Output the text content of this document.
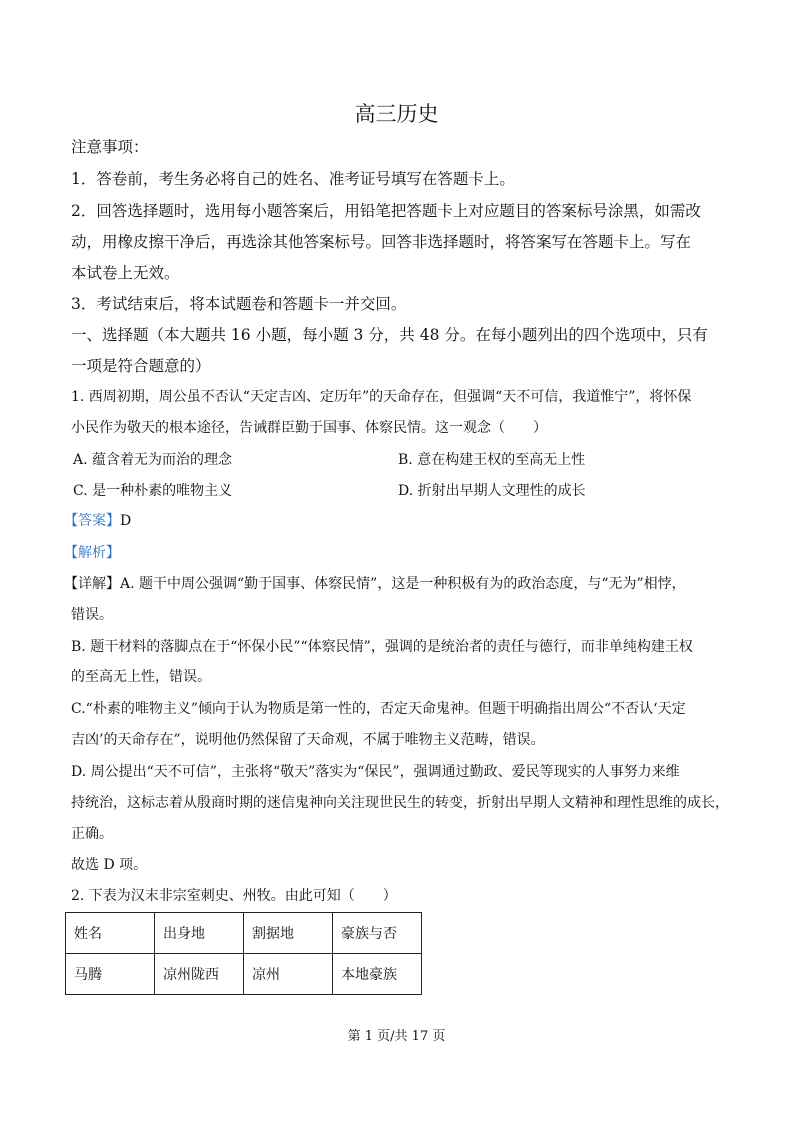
高三历史
注意事项：
1．答卷前，考生务必将自己的姓名、准考证号填写在答题卡上。
2．回答选择题时，选用每小题答案后，用铅笔把答题卡上对应题目的答案标号涂黑，如需改
动，用橡皮擦干净后，再选涂其他答案标号。回答非选择题时，将答案写在答题卡上。写在
本试卷上无效。
3．考试结束后，将本试题卷和答题卡一并交回。
一、选择题（本大题共 16 小题，每小题 3 分，共 48 分。在每小题列出的四个选项中，只有
一项是符合题意的）
1. 西周初期，周公虽不否认“天定吉凶、定历年”的天命存在，但强调“天不可信，我道惟宁”，将怀保
小民作为敬天的根本途径，告诫群臣勤于国事、体察民情。这一观念（　　）
A. 蕴含着无为而治的理念	B. 意在构建王权的至高无上性
C. 是一种朴素的唯物主义	D. 折射出早期人文理性的成长
【答案】D
【解析】
【详解】A. 题干中周公强调“勤于国事、体察民情”，这是一种积极有为的政治态度，与“无为”相悖，
错误。
B. 题干材料的落脚点在于“怀保小民”“体察民情”，强调的是统治者的责任与德行，而非单纯构建王权
的至高无上性，错误。
C.“朴素的唯物主义”倾向于认为物质是第一性的，否定天命鬼神。但题干明确指出周公“不否认‘天定
吉凶’的天命存在”，说明他仍然保留了天命观，不属于唯物主义范畴，错误。
D. 周公提出“天不可信”，主张将“敬天”落实为“保民”，强调通过勤政、爱民等现实的人事努力来维
持统治，这标志着从殷商时期的迷信鬼神向关注现世民生的转变，折射出早期人文精神和理性思维的成长，
正确。
故选 D 项。
2. 下表为汉末非宗室刺史、州牧。由此可知（　　）
姓名	出身地	割据地	豪族与否
马腾	凉州陇西	凉州	本地豪族
第 1 页/共 17 页
